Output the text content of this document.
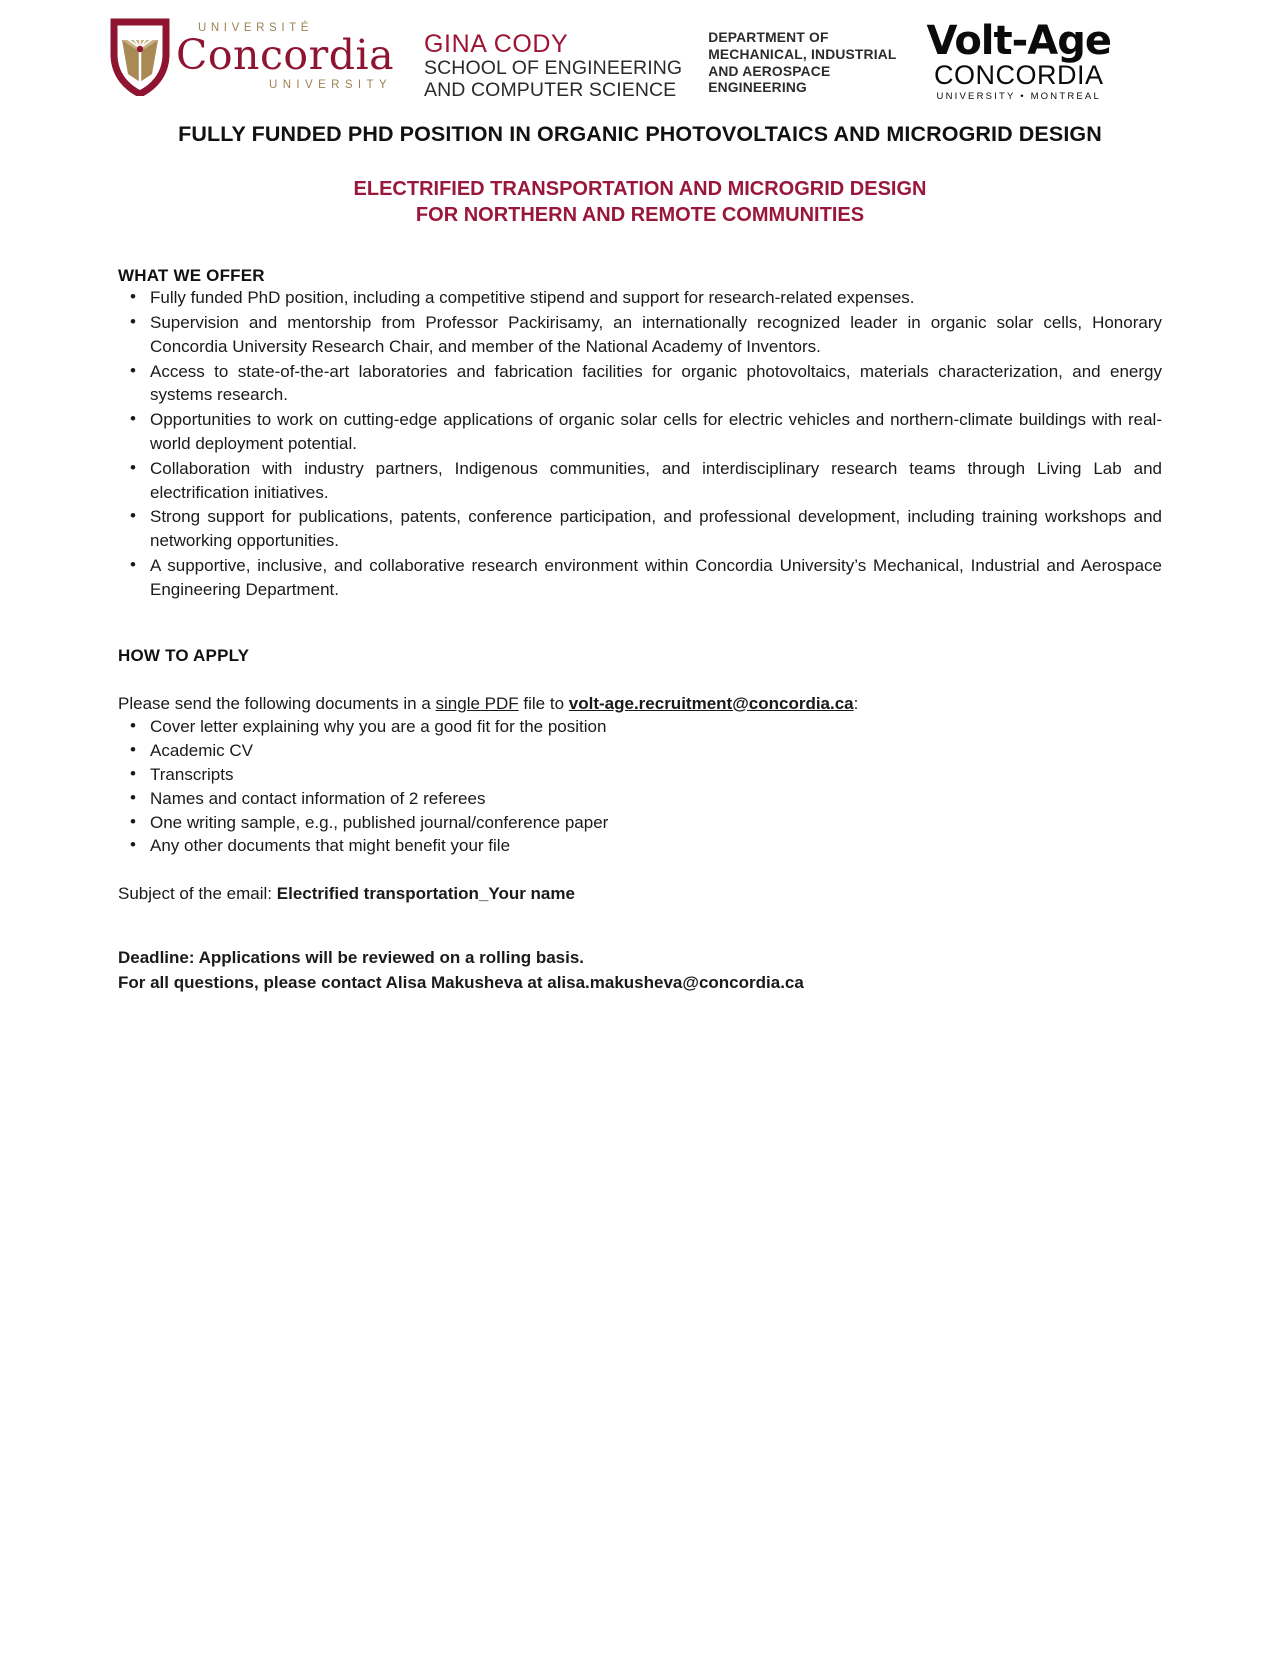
UNIVERSITÉ
Concordia
UNIVERSITY
GINA CODY
SCHOOL OF ENGINEERING
AND COMPUTER SCIENCE
DEPARTMENT OF
MECHANICAL, INDUSTRIAL
AND AEROSPACE
ENGINEERING
Volt-Age
CONCORDIA
UNIVERSITY • MONTREAL
FULLY FUNDED PHD POSITION IN ORGANIC PHOTOVOLTAICS AND MICROGRID DESIGN
ELECTRIFIED TRANSPORTATION AND MICROGRID DESIGN
FOR NORTHERN AND REMOTE COMMUNITIES
WHAT WE OFFER
• Fully funded PhD position, including a competitive stipend and support for research-related expenses.
• Supervision and mentorship from Professor Packirisamy, an internationally recognized leader in organic solar cells, Honorary Concordia University Research Chair, and member of the National Academy of Inventors.
• Access to state-of-the-art laboratories and fabrication facilities for organic photovoltaics, materials characterization, and energy systems research.
• Opportunities to work on cutting-edge applications of organic solar cells for electric vehicles and northern-climate buildings with real-world deployment potential.
• Collaboration with industry partners, Indigenous communities, and interdisciplinary research teams through Living Lab and electrification initiatives.
• Strong support for publications, patents, conference participation, and professional development, including training workshops and networking opportunities.
• A supportive, inclusive, and collaborative research environment within Concordia University’s Mechanical, Industrial and Aerospace Engineering Department.
HOW TO APPLY
Please send the following documents in a single PDF file to volt-age.recruitment@concordia.ca:
• Cover letter explaining why you are a good fit for the position
• Academic CV
• Transcripts
• Names and contact information of 2 referees
• One writing sample, e.g., published journal/conference paper
• Any other documents that might benefit your file
Subject of the email: Electrified transportation_Your name
Deadline: Applications will be reviewed on a rolling basis.
For all questions, please contact Alisa Makusheva at alisa.makusheva@concordia.ca
